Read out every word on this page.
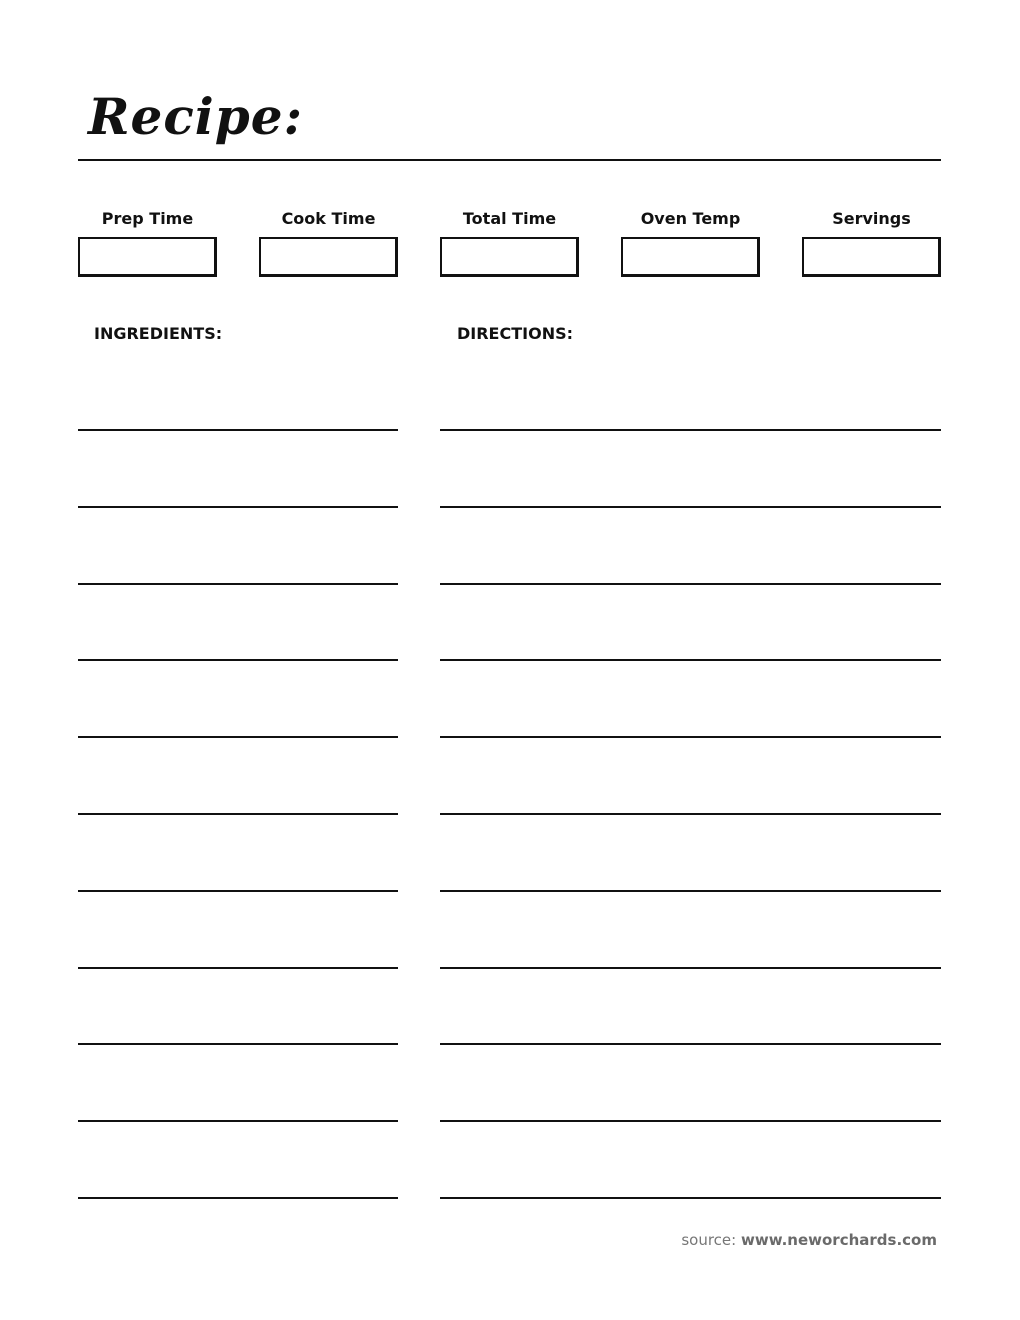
Recipe:
Prep Time	Cook Time	Total Time	Oven Temp	Servings
INGREDIENTS:	DIRECTIONS:
source: www.neworchards.com
